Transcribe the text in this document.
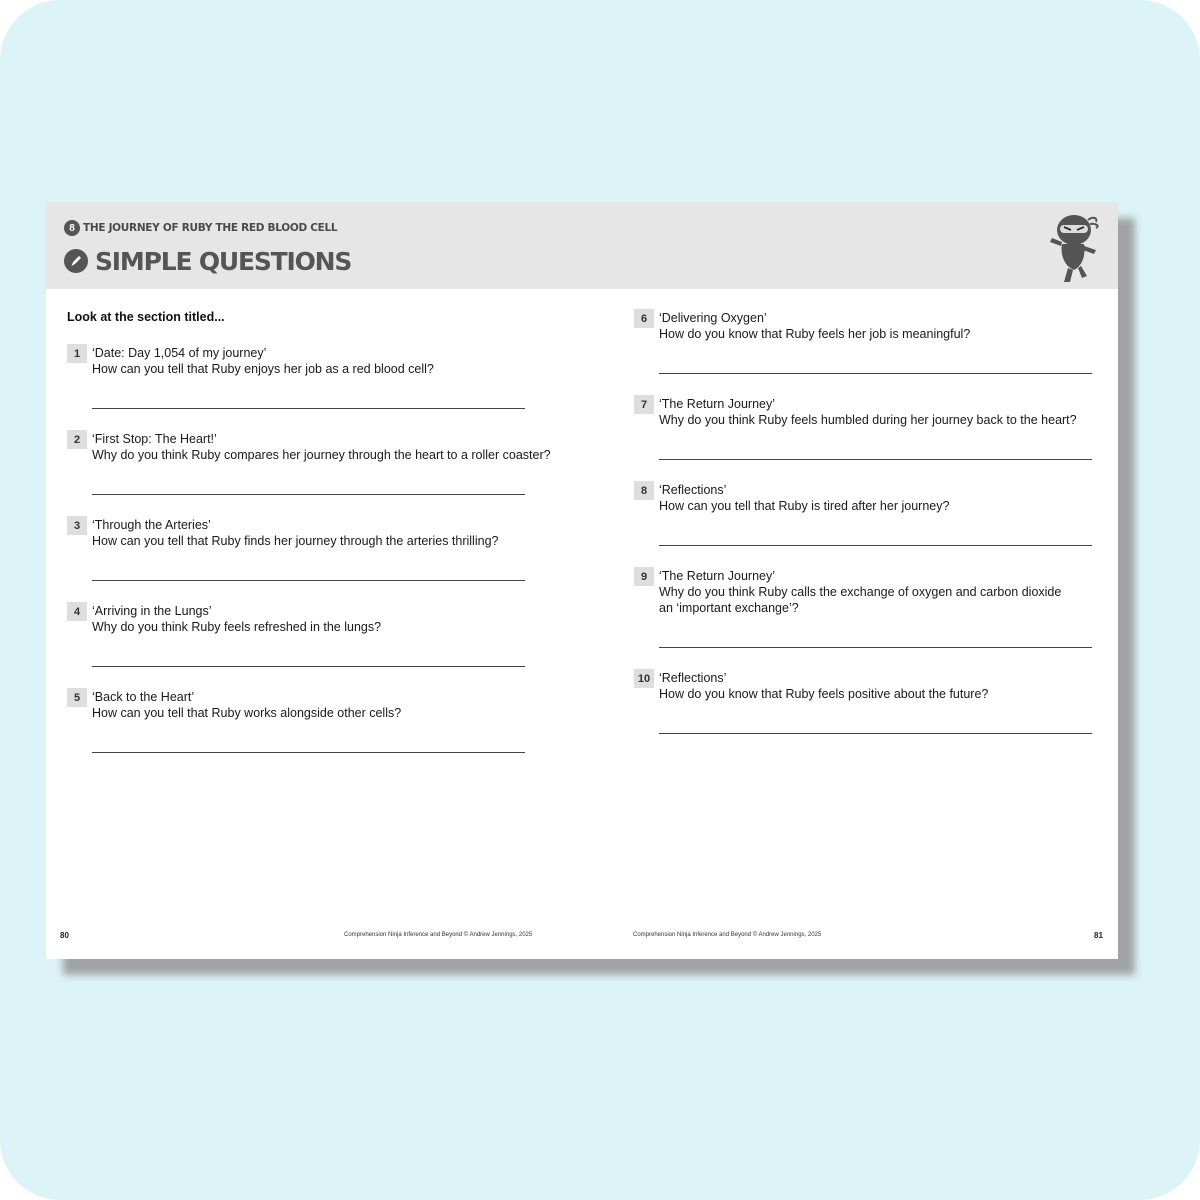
8 THE JOURNEY OF RUBY THE RED BLOOD CELL
SIMPLE QUESTIONS
Look at the section titled...
1 ‘Date: Day 1,054 of my journey’
How can you tell that Ruby enjoys her job as a red blood cell?
2 ‘First Stop: The Heart!’
Why do you think Ruby compares her journey through the heart to a roller coaster?
3 ‘Through the Arteries’
How can you tell that Ruby finds her journey through the arteries thrilling?
4 ‘Arriving in the Lungs’
Why do you think Ruby feels refreshed in the lungs?
5 ‘Back to the Heart’
How can you tell that Ruby works alongside other cells?
6 ‘Delivering Oxygen’
How do you know that Ruby feels her job is meaningful?
7 ‘The Return Journey’
Why do you think Ruby feels humbled during her journey back to the heart?
8 ‘Reflections’
How can you tell that Ruby is tired after her journey?
9 ‘The Return Journey’
Why do you think Ruby calls the exchange of oxygen and carbon dioxide an ‘important exchange’?
10 ‘Reflections’
How do you know that Ruby feels positive about the future?
80	Comprehension Ninja Inference and Beyond © Andrew Jennings, 2025	Comprehension Ninja Inference and Beyond © Andrew Jennings, 2025	81
